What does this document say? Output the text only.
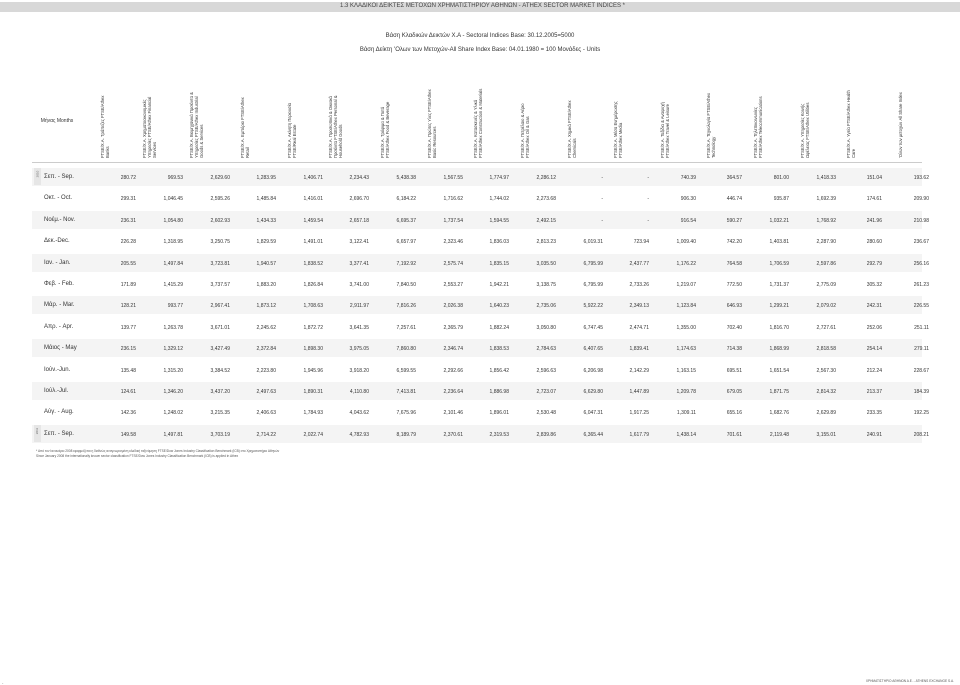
1.3 ΚΛΑΔΙΚΟΙ ΔΕΙΚΤΕΣ ΜΕΤΟΧΩΝ ΧΡΗΜΑΤΙΣΤΗΡΙΟΥ ΑΘΗΝΩΝ - ATHEX SECTOR MARKET INDICES *
Βάση Κλαδικών Δεικτών Χ.Α - Sectoral Indices Base: 30.12.2005=5000
Βάση Δείκτη 'Ολων των Μετοχών-All Share Index Base: 04.01.1980 = 100 Μονάδες - Units
Μήνας Months	FTSE/X.A. Τράπεζες FTSE/Athex Banks	FTSE/X.A. Χρηματοοικονομικές Υπηρεσίες FTSE/Athex Financial Services	FTSE/X.A. Βιομηχανικά Προϊόντα & Υπηρεσίες FTSE/Athex Industrial Goods & Services	FTSE/X.A. Εμπόριο FTSE/Athex Retail	FTSE/X.A. Ακίνητη Περιουσία FTSE/Real Estate	FTSE/X.A. Προσωπικά & Οικιακά Προϊόντα FTSE/Athex Personal & Household Goods	FTSE/X.A. Τρόφιμα & Ποτά FTSE/Athex Food & Beverage	FTSE/X.A. Πρώτες Υλες FTSE/Athex Basic Resources	FTSE/X.A. Κατασκευές & Υλικά FTSE/Athex Construction & Materials	FTSE/X.A. Πετρέλαιο & Αέριο FTSE/Athex Oil & Gas	FTSE/X.A. Χημικά FTSE/Athex Chemicals	FTSE/X.A. Μέσα Ενημέρωσης FTSE/Athex Media	FTSE/X.A. Ταξίδια & Αναψυχή FTSE/Athex Travel & Leisure	FTSE/X.A. Τεχνολογία FTSE/Athex Technology	FTSE/X.A. Τηλεπικοινωνίες FTSE/Athex Telecommunications	FTSE/X.A. Υπηρεσίες Κοινής Ωφέλειας FTSE/Athex Utilities	FTSE/X.A. Υγεία FTSE/Athex Health Care	'Ολων των μετοχών All Share Index
2010 Σεπ. - Sep.	280.72	969.53	2,629.60	1,283.95	1,406.71	2,234.43	5,438.38	1,567.55	1,774.97	2,286.12	-	-	740.39	364.57	801.00	1,418.33	151.04	193.62
Οκτ. - Oct.	299.31	1,046.45	2,595.26	1,485.84	1,416.01	2,696.70	6,184.22	1,716.62	1,744.02	2,273.68	-	-	906.30	446.74	935.87	1,692.39	174.61	209.90
Νοέμ.- Nov.	236.31	1,054.80	2,602.93	1,434.33	1,459.54	2,657.18	6,695.37	1,737.54	1,594.55	2,492.15	-	-	916.54	590.27	1,032.21	1,768.92	241.96	210.98
Δεκ.-Dec.	226.28	1,318.95	3,250.75	1,829.59	1,491.01	3,122.41	6,657.97	2,323.46	1,836.03	2,813.23	6,019.31	723.94	1,009.40	742.20	1,403.81	2,287.90	280.60	236.67
Ιαν. - Jan.	205.55	1,497.84	3,723.81	1,940.57	1,838.52	3,377.41	7,192.92	2,575.74	1,835.15	3,035.50	6,795.99	2,437.77	1,176.22	764.58	1,706.59	2,597.86	292.79	256.16
Φεβ. - Feb.	171.89	1,415.29	3,737.57	1,883.20	1,826.84	3,741.00	7,840.50	2,553.27	1,942.21	3,138.75	6,795.99	2,733.26	1,219.07	772.50	1,731.37	2,775.09	305.32	261.23
Μάρ. - Mar.	128.21	993.77	2,967.41	1,873.12	1,708.63	2,911.97	7,816.26	2,026.38	1,640.23	2,735.06	5,922.22	2,349.13	1,123.84	646.93	1,299.21	2,079.02	242.31	226.55
Απρ. - Apr.	139.77	1,263.78	3,671.01	2,245.62	1,872.72	3,641.35	7,257.61	2,365.79	1,882.24	3,050.80	6,747.45	2,474.71	1,355.00	702.40	1,816.70	2,727.61	252.06	251.11
Μάιος - May	236.15	1,329.12	3,427.49	2,372.84	1,898.30	3,975.05	7,860.80	2,346.74	1,838.53	2,784.63	6,407.65	1,839.41	1,174.63	714.38	1,868.99	2,818.58	254.14	279.11
Ιούν.-Jun.	135.48	1,315.20	3,384.52	2,223.80	1,945.96	3,918.20	6,599.55	2,292.66	1,856.42	2,596.63	6,206.98	2,142.29	1,163.15	695.51	1,651.54	2,567.30	212.24	228.67
Ιούλ.-Jul.	124.61	1,346.20	3,437.20	2,497.63	1,890.31	4,110.80	7,413.81	2,236.64	1,886.98	2,723.07	6,629.80	1,447.89	1,209.78	679.05	1,871.75	2,814.32	213.37	184.39
Αύγ. - Aug.	142.36	1,248.02	3,215.35	2,406.63	1,784.93	4,043.62	7,675.96	2,101.46	1,896.01	2,530.48	6,047.31	1,917.25	1,309.11	655.16	1,682.76	2,629.89	233.35	192.25
2011 Σεπ. - Sep.	149.58	1,497.81	3,703.19	2,714.22	2,022.74	4,782.93	8,189.79	2,370.61	2,319.53	2,839.86	6,365.44	1,617.79	1,438.14	701.61	2,119.48	3,155.01	240.91	208.21
* Από τον Ιανουάριο 2008 εφαρμόζεται η διεθνώς αναγνωρισμένη κλαδική ταξινόμηση FTSE/Dow Jones Industry Classification Benchmark (ICB) στο Χρηματιστήριο Αθηνών
Since January 2008 the internationally known sector classification FTSE/Dow Jones Industry Classification Benchmark (ICB) is applied in Athex
-	ΧΡΗΜΑΤΙΣΤΗΡΙΟ ΑΘΗΝΩΝ Α.Ε. - ATHENS EXCHANGE S.A.
